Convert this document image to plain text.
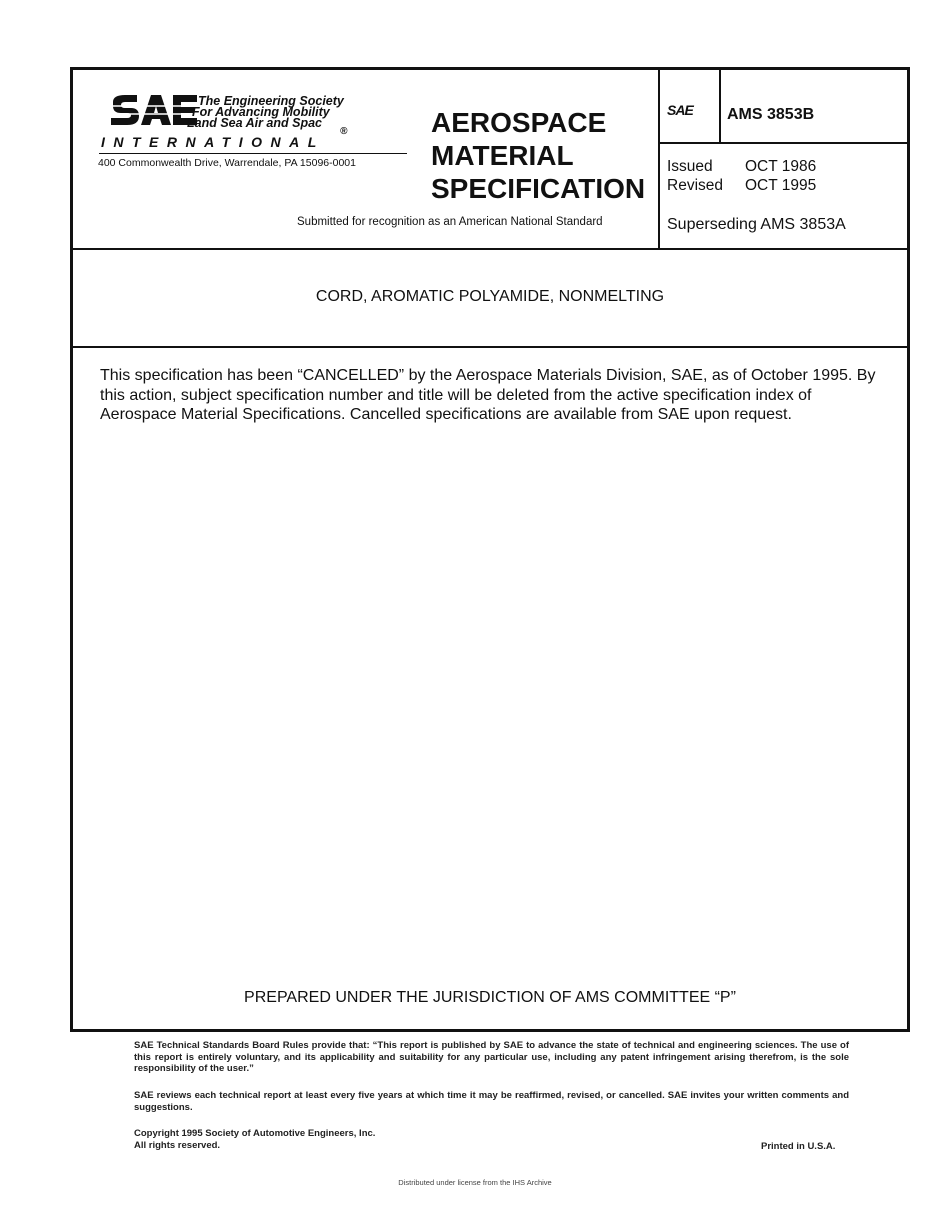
The Engineering Society
For Advancing Mobility
Land Sea Air and Spac
®
INTERNATIONAL
400 Commonwealth Drive, Warrendale, PA 15096-0001
AEROSPACE
MATERIAL
SPECIFICATION
Submitted for recognition as an American National Standard
SAE AMS 3853B
Issued OCT 1986
Revised OCT 1995
Superseding AMS 3853A
CORD, AROMATIC POLYAMIDE, NONMELTING
This specification has been “CANCELLED” by the Aerospace Materials Division, SAE, as of October 1995. By this action, subject specification number and title will be deleted from the active specification index of Aerospace Material Specifications. Cancelled specifications are available from SAE upon request.
PREPARED UNDER THE JURISDICTION OF AMS COMMITTEE “P”
SAE Technical Standards Board Rules provide that: “This report is published by SAE to advance the state of technical and engineering sciences. The use of this report is entirely voluntary, and its applicability and suitability for any particular use, including any patent infringement arising therefrom, is the sole responsibility of the user.”
SAE reviews each technical report at least every five years at which time it may be reaffirmed, revised, or cancelled. SAE invites your written comments and suggestions.
Copyright 1995 Society of Automotive Engineers, Inc.
All rights reserved.	Printed in U.S.A.
Distributed under license from the IHS Archive
